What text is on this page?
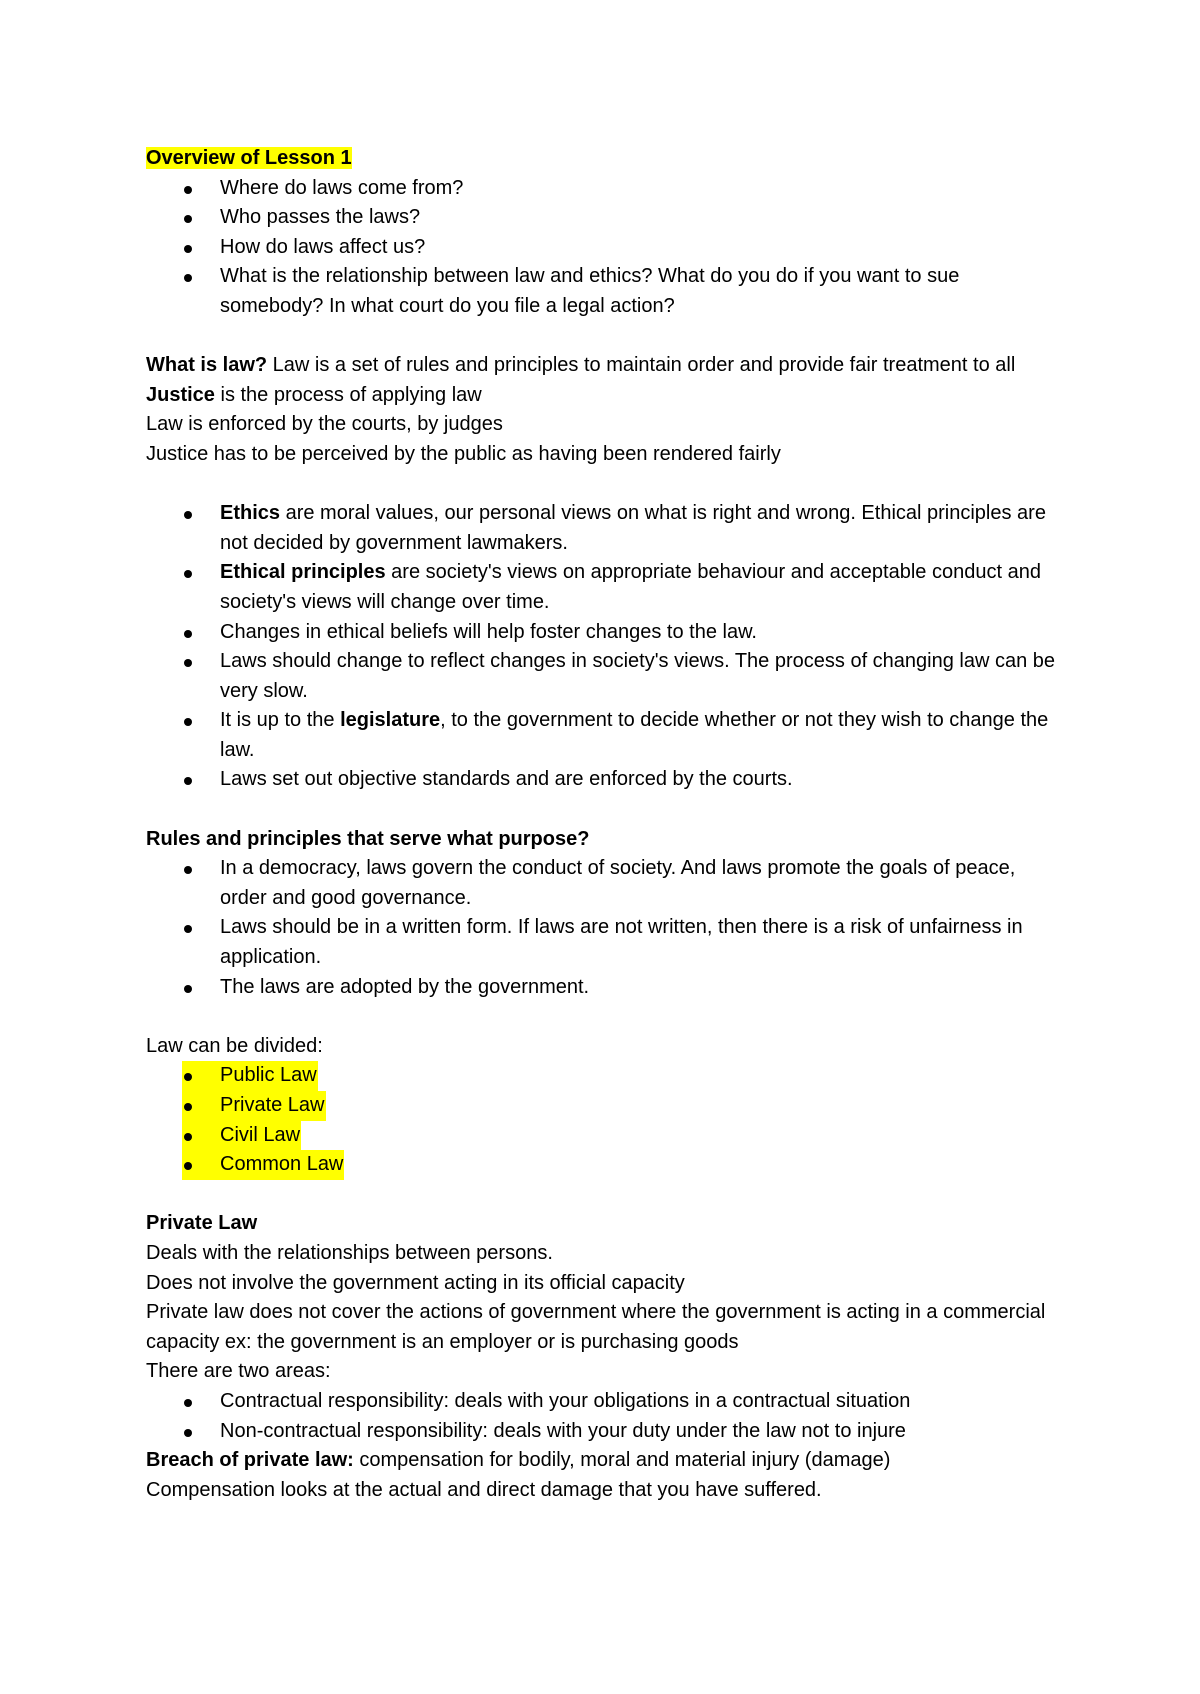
Overview of Lesson 1

Where do laws come from?
Who passes the laws?
How do laws affect us?
What is the relationship between law and ethics? What do you do if you want to sue somebody? In what court do you file a legal action?

What is law? Law is a set of rules and principles to maintain order and provide fair treatment to all

Justice is the process of applying law

Law is enforced by the courts, by judges

Justice has to be perceived by the public as having been rendered fairly

Ethics are moral values, our personal views on what is right and wrong. Ethical principles are not decided by government lawmakers.
Ethical principles are society's views on appropriate behaviour and acceptable conduct and society's views will change over time.
Changes in ethical beliefs will help foster changes to the law.
Laws should change to reflect changes in society's views. The process of changing law can be very slow.
It is up to the legislature, to the government to decide whether or not they wish to change the law.
Laws set out objective standards and are enforced by the courts.

Rules and principles that serve what purpose?

In a democracy, laws govern the conduct of society. And laws promote the goals of peace, order and good governance.
Laws should be in a written form. If laws are not written, then there is a risk of unfairness in application.
The laws are adopted by the government.

Law can be divided:

Public Law
Private Law
Civil Law
Common Law

Private Law

Deals with the relationships between persons.

Does not involve the government acting in its official capacity

Private law does not cover the actions of government where the government is acting in a commercial capacity ex: the government is an employer or is purchasing goods

There are two areas:

Contractual responsibility: deals with your obligations in a contractual situation
Non-contractual responsibility: deals with your duty under the law not to injure

Breach of private law: compensation for bodily, moral and material injury (damage)

Compensation looks at the actual and direct damage that you have suffered.
